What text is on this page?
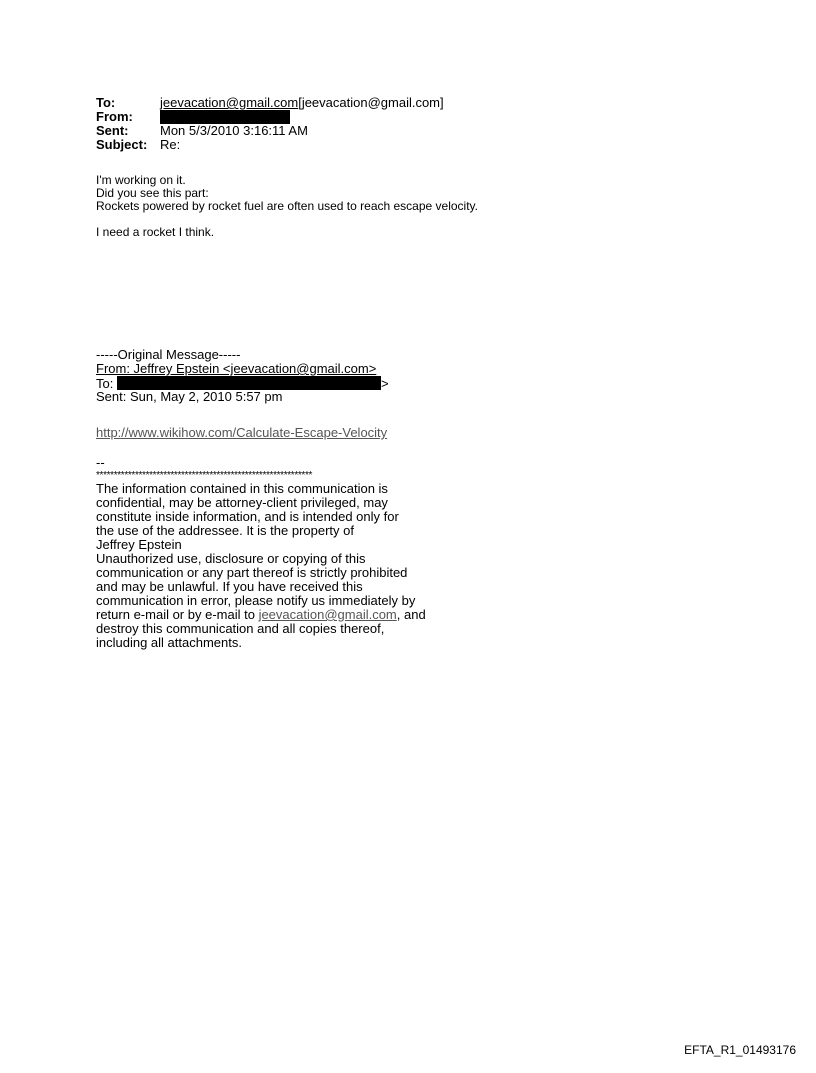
To:	jeevacation@gmail.com[jeevacation@gmail.com]
From:
Sent:	Mon 5/3/2010 3:16:11 AM
Subject: Re:

I'm working on it.

Did you see this part:

Rockets powered by rocket fuel are often used to reach escape velocity.

I need a rocket I think.

-----Original Message-----
From: Jeffrey Epstein <jeevacation@gmail.com>
To:	>
Sent: Sun, May 2, 2010 5:57 pm
http://www.wikihow.com/Calculate-Escape-Velocity
--
*************************************************************
The information contained in this communication is
confidential, may be attorney-client privileged, may
constitute inside information, and is intended only for
the use of the addressee. It is the property of
Jeffrey Epstein
Unauthorized use, disclosure or copying of this
communication or any part thereof is strictly prohibited
and may be unlawful. If you have received this
communication in error, please notify us immediately by
return e-mail or by e-mail to jeevacation@gmail.com, and
destroy this communication and all copies thereof,
including all attachments.
EFTA_R1_01493176
